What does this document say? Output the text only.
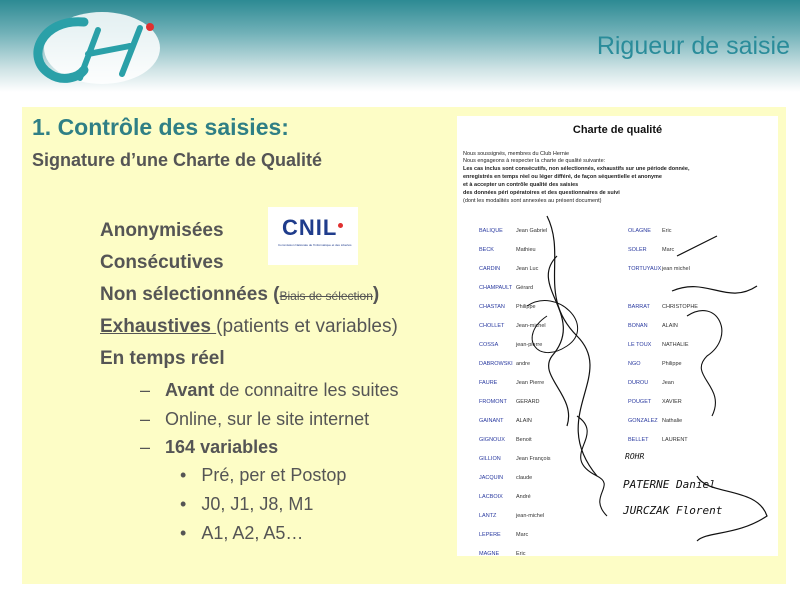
Rigueur de saisie
1. Contrôle des saisies:
Signature d’une Charte de Qualité
Anonymisées
Consécutives
Non sélectionnées (Biais de sélection)
Exhaustives (patients et variables)
En temps réel
– Avant de connaitre les suites
– Online, sur le site internet
– 164 variables
• Pré, per et Postop
• J0, J1, J8, M1
• A1, A2, A5…
CNIL
Commission Nationale de l'Informatique et des Libertés
Charte de qualité
Nous soussignés, membres du Club Hernie
Nous engageons à respecter la charte de qualité suivante:
Les cas inclus sont consécutifs, non sélectionnés, exhaustifs sur une période donnée,
enregistrés en temps réel ou léger différé, de façon séquentielle et anonyme
et à accepter un contrôle qualité des saisies
des données péri opératoires et des questionnaires de suivi
(dont les modalités sont annexées au présent document)
BALIQUE Jean Gabriel
BECK	Mathieu
CARDIN	Jean Luc
CHAMPAULT Gérard
CHASTAN Philippe
CHOLLET Jean-michel
COSSA	jean-pierre
DABROWSKI andre
FAURE	Jean Pierre
FROMONT GERARD
GAINANT ALAIN
GIGNOUX Benoit
GILLION	Jean François
JACQUIN claude
LACBOIX André
LANTZ	jean-michel
LEPERE	Marc
MAGNE	Eric
OLAGNE Eric
SOLER	Marc
TORTUYAUX jean michel
BARRAT CHRISTOPHE
BONAN	ALAIN
LE TOUX NATHALIE
NGO	Philippe
DUROU	Jean
POUGET XAVIER
GONZALEZ Nathalie
BELLET LAURENT
ROHR
PATERNE Daniel
JURCZAK Florent
